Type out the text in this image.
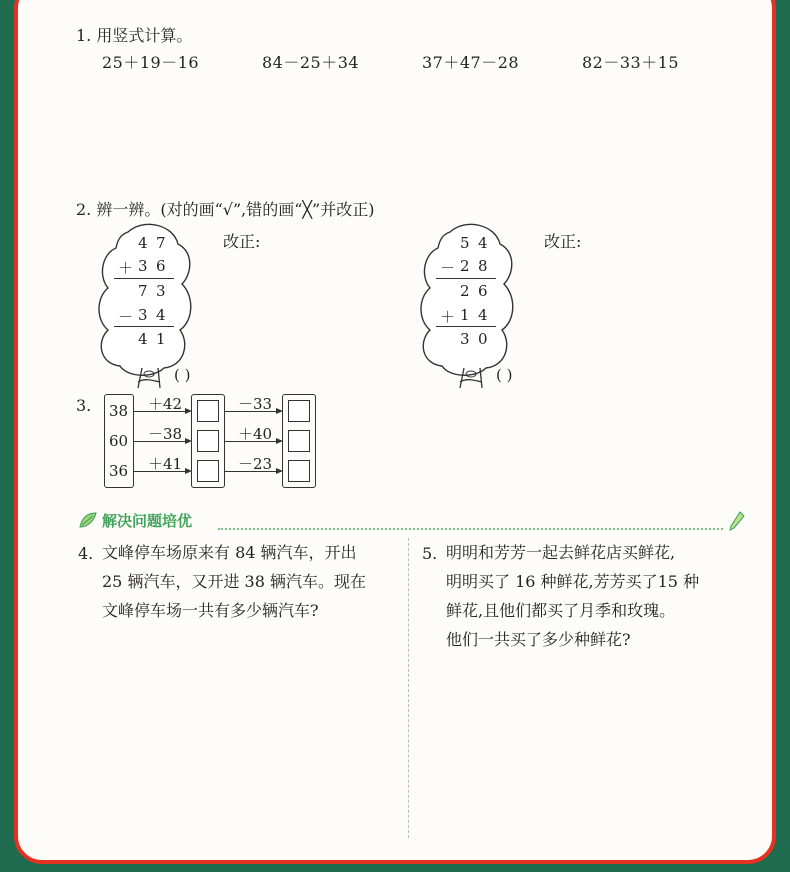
1. 用竖式计算。
25＋19－16	84－25＋34	37＋47－28	82－33＋15
2. 辨一辨。(对的画“√”,错的画“╳”并改正)
4 7
＋ 3 6
7 3
－ 3 4
4 1
( )
改正:	5 4
－ 2 8
2 6
＋ 1 4
3 0
( )
改正:
3. 38
60
36
＋42
－38
＋41
－33
＋40
－23
解决问题培优
4. 文峰停车场原来有 84 辆汽车，开出
25 辆汽车，又开进 38 辆汽车。现在
文峰停车场一共有多少辆汽车?
5. 明明和芳芳一起去鲜花店买鲜花,
明明买了 16 种鲜花,芳芳买了15 种
鲜花,且他们都买了月季和玫瑰。
他们一共买了多少种鲜花?
